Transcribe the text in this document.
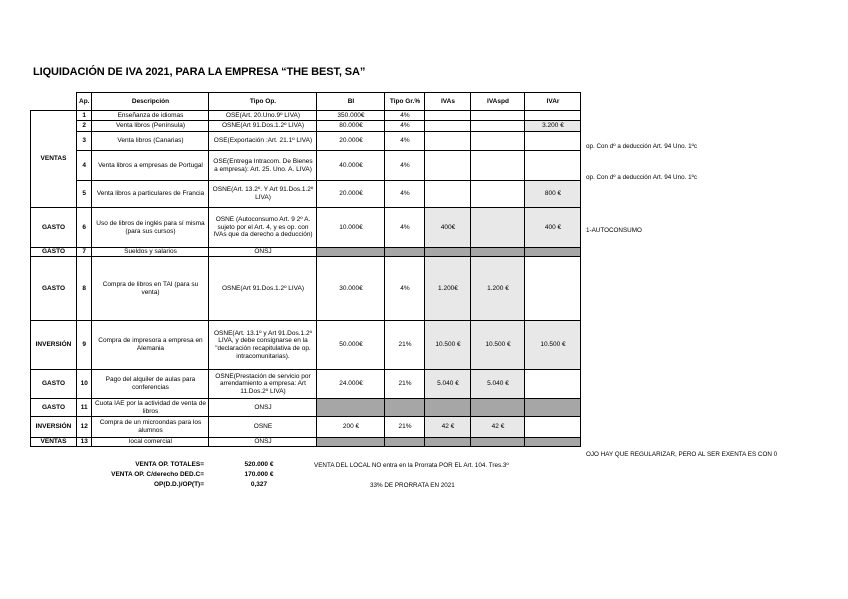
LIQUIDACIÓN DE IVA 2021, PARA LA EMPRESA “THE BEST, SA”
	Ap.	Descripción	Tipo Op.	BI	Tipo Gr.%	IVAs	IVAspd	IVAr
VENTAS	1	Enseñanza de idiomas	OSE(Art. 20.Uno.9º LIVA)	350.000€	4%			
	2	Venta libros (Península)	OSNE(Art 91.Dos.1.2º LIVA)	80.000€	4%			3.200 €
	3	Venta libros (Canarias)	OSE(Exportación :Art. 21.1º LIVA)	20.000€	4%			
	4	Venta libros a empresas de Portugal	OSE(Entrega Intracom. De Bienes a empresa): Art. 25. Uno. A. LIVA)	40.000€	4%			
	5	Venta libros a particulares de Francia	OSNE(Art. 13.2º. Y Art 91.Dos.1.2º LIVA)	20.000€	4%			800 €
GASTO	6	Uso de libros de inglés para sí misma (para sus cursos)	OSNE (Autoconsumo Art. 9 2º A. sujeto por el Art. 4, y es op. con IVAs que da derecho a deducción)	10.000€	4%	400€		400 €
GASTO	7	Sueldos y salarios	ONSJ					
GASTO	8	Compra de libros en TAI (para su venta)	OSNE(Art 91.Dos.1.2º LIVA)	30.000€	4%	1.200€	1.200 €	
INVERSIÓN	9	Compra de impresora a empresa en Alemania	OSNE(Art. 13.1º y Art 91.Dos.1.2º LIVA, y debe consignarse en la "declaración recapitulativa de op. intracomunitarias).	50.000€	21%	10.500 €	10.500 €	10.500 €
GASTO	10	Pago del alquiler de aulas para conferencias	OSNE(Prestación de servicio por arrendamiento a empresa: Art 11.Dos.2º LIVA)	24.000€	21%	5.040 €	5.040 €	
GASTO	11	Cuota IAE por la actividad de venta de libros	ONSJ					
INVERSIÓN	12	Compra de un microondas para los alumnos	OSNE	200 €	21%	42 €	42 €	
VENTAS	13	local comercial	ONSJ					
op. Con dº a deducción Art. 94 Uno. 1ºc
op. Con dº a deducción Art. 94 Uno. 1ºc
1-AUTOCONSUMO
OJO HAY QUE REGULARIZAR, PERO AL SER EXENTA ES CON 0
VENTA OP. TOTALES=	520.000 €
VENTA OP. C/derecho DED.C=	170.000 €
OP(D.D.)/OP(T)=	0,327
VENTA DEL LOCAL NO entra en la Prorrata POR EL Art. 104. Tres.3º
33% DE PRORRATA EN 2021
